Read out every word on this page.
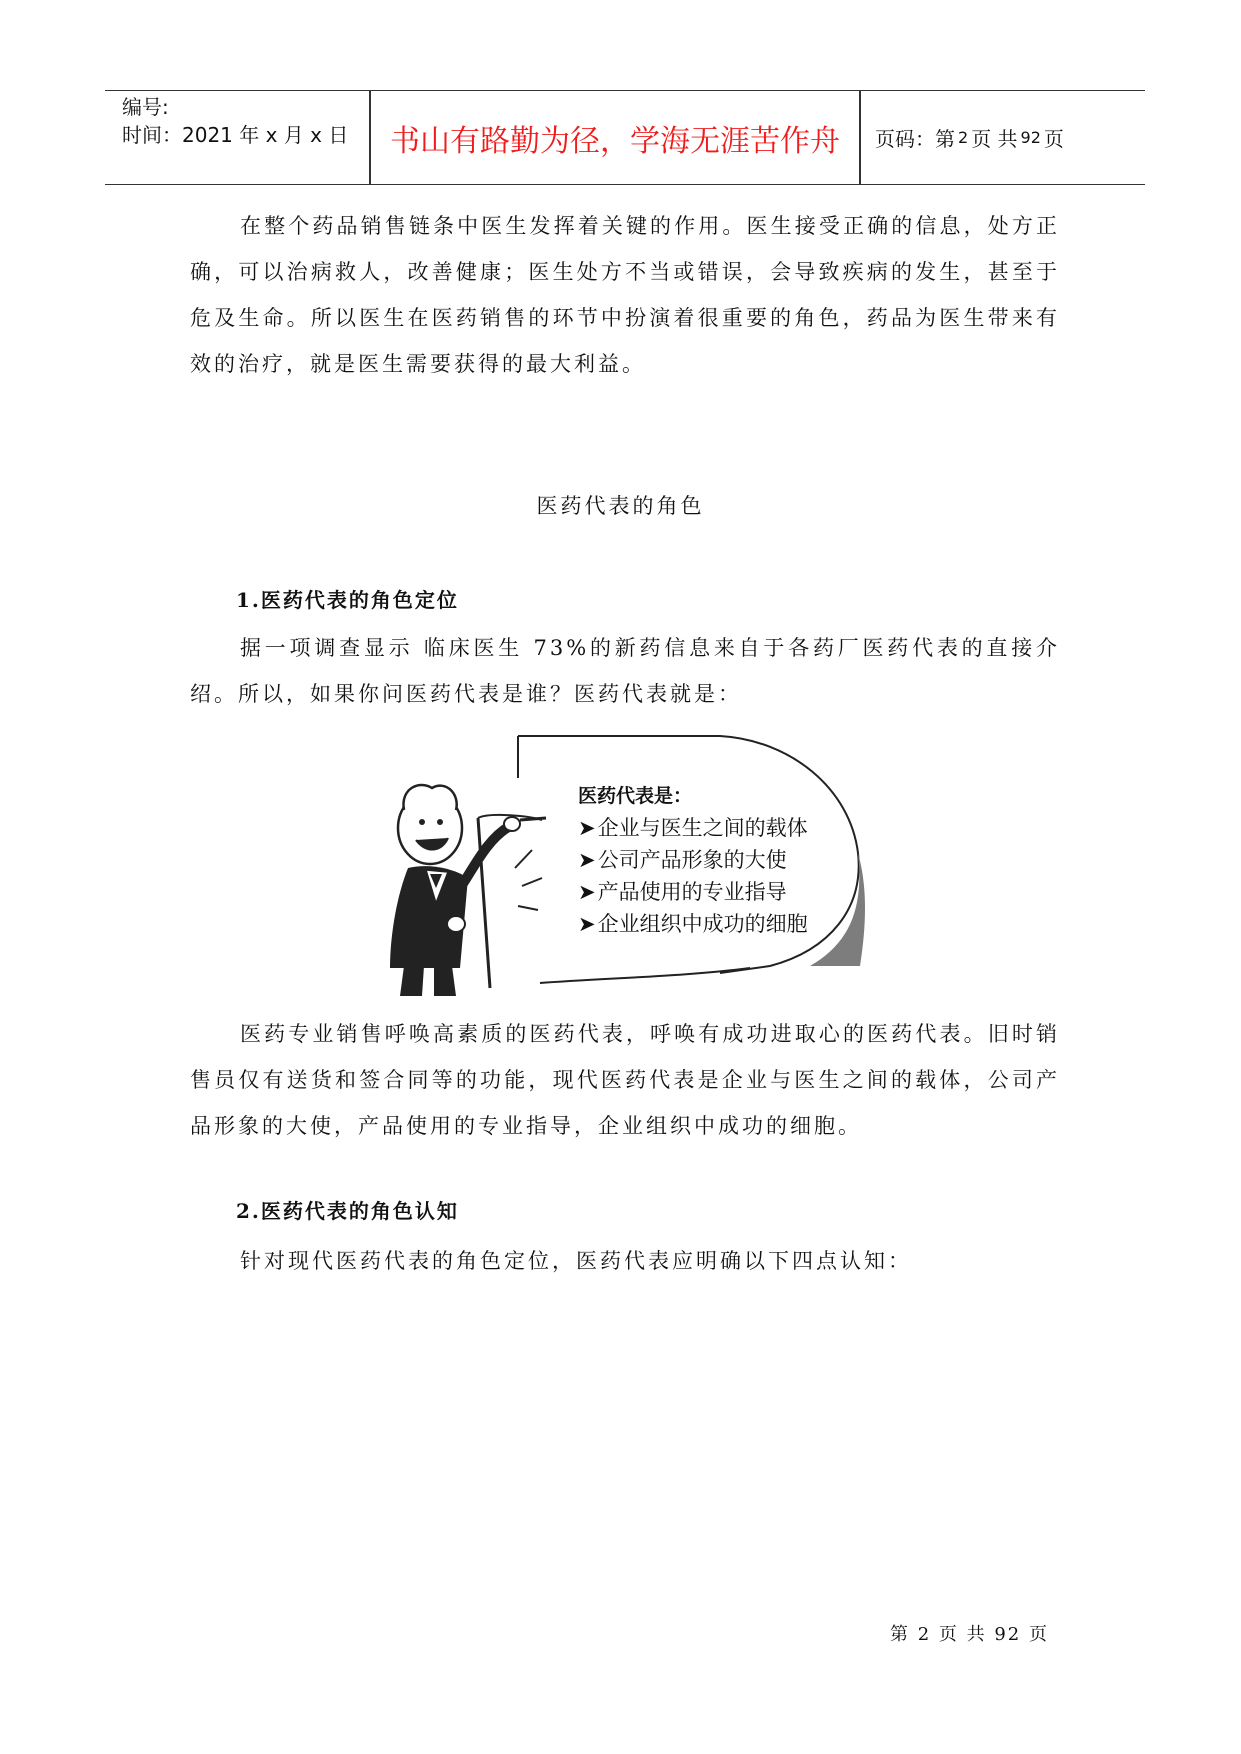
编号:
时间：2021 年 x 月 x 日	书山有路勤为径，学海无涯苦作舟	页码：第 2 页 共 92 页
在整个药品销售链条中医生发挥着关键的作用。医生接受正确的信息，处方正确，可以治病救人，改善健康；医生处方不当或错误，会导致疾病的发生，甚至于危及生命。所以医生在医药销售的环节中扮演着很重要的角色，药品为医生带来有效的治疗，就是医生需要获得的最大利益。
医药代表的角色
1.医药代表的角色定位
据一项调查显示 临床医生 73%的新药信息来自于各药厂医药代表的直接介绍。所以，如果你问医药代表是谁？医药代表就是：
医药代表是：
➤企业与医生之间的载体
➤公司产品形象的大使
➤产品使用的专业指导
➤企业组织中成功的细胞
医药专业销售呼唤高素质的医药代表，呼唤有成功进取心的医药代表。旧时销售员仅有送货和签合同等的功能，现代医药代表是企业与医生之间的载体，公司产品形象的大使，产品使用的专业指导，企业组织中成功的细胞。
2.医药代表的角色认知
针对现代医药代表的角色定位，医药代表应明确以下四点认知：
第 2 页 共 92 页
